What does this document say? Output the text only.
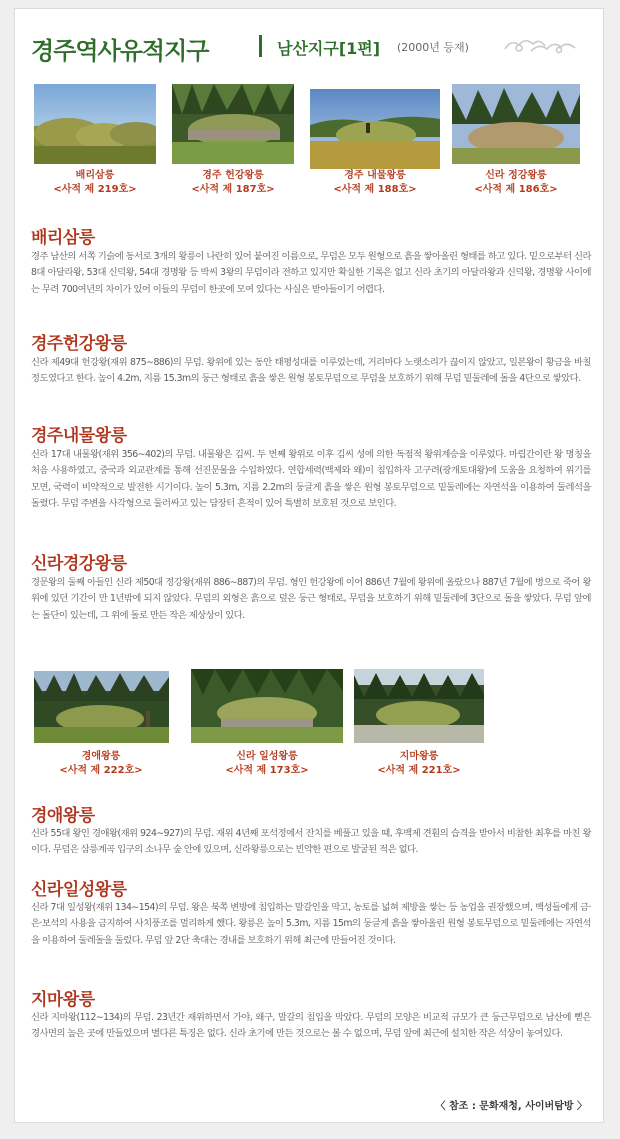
경주역사유적지구	남산지구[1편] (2000년 등재)
배리삼릉
<사적 제 219호>
경주 헌강왕릉
<사적 제 187호>
경주 내물왕릉
<사적 제 188호>
신라 정강왕릉
<사적 제 186호>
배리삼릉

경주 남산의 서쪽 기슭에 동서로 3개의 왕릉이 나란히 있어 붙여진 이름으로, 무덤은 모두 원형으로 흙을 쌓아올린 형태를 하고 있다. 밑으로부터 신라 8대 아달라왕, 53대 신덕왕, 54대 경명왕 등 박씨 3왕의 무덤이라 전하고 있지만 확실한 기록은 없고 신라 초기의 아달라왕과 신덕왕, 경명왕 사이에는 무려 700여년의 차이가 있어 이들의 무덤이 한곳에 모여 있다는 사실은 받아들이기 어렵다.

경주헌강왕릉

신라 제49대 헌강왕(재위 875∼886)의 무덤. 왕위에 있는 동안 태평성대를 이루었는데, 거리마다 노랫소리가 끊이지 않았고, 일본왕이 황금을 바칠 정도였다고 한다. 높이 4.2m, 지름 15.3m의 둥근 형태로 흙을 쌓은 원형 봉토무덤으로 무덤을 보호하기 위해 무덤 밑둘레에 돌을 4단으로 쌓았다.

경주내물왕릉

신라 17대 내물왕(재위 356∼402)의 무덤. 내물왕은 김씨. 두 번째 왕위로 이후 김씨 성에 의한 독점적 왕위계승을 이루었다. 마립간이란 왕 명칭을 처음 사용하였고, 중국과 외교관계를 통해 선진문물을 수입하였다. 연합세력(백제와 왜)이 침입하자 고구려(광개토대왕)에 도움을 요청하여 위기를 모면, 국력이 비약적으로 발전한 시기이다. 높이 5.3m, 지름 2.2m의 둥글게 흙을 쌓은 원형 봉토무덤으로 밑둘레에는 자연석을 이용하여 둘레석을 돌렸다. 무덤 주변을 사각형으로 둘러싸고 있는 담장터 흔적이 있어 특별히 보호된 것으로 보인다.

신라경강왕릉

경문왕의 둘째 아들인 신라 제50대 정강왕(재위 886∼887)의 무덤. 형인 헌강왕에 이어 886년 7월에 왕위에 올랐으나 887년 7월에 병으로 죽어 왕위에 있던 기간이 만 1년밖에 되지 않았다. 무덤의 외형은 흙으로 덮은 둥근 형태로, 무덤을 보호하기 위해 밑둘레에 3단으로 돌을 쌓았다. 무덤 앞에는 돌단이 있는데, 그 위에 돌로 만든 작은 제상상이 있다.

경애왕릉
<사적 제 222호>
신라 일성왕릉
<사적 제 173호>
지마왕릉
<사적 제 221호>
경애왕릉

신라 55대 왕인 경애왕(재위 924∼927)의 무덤. 재위 4년째 포석정에서 잔치를 베풀고 있을 때, 후백제 견훤의 습격을 받아서 비참한 최후를 마친 왕이다. 무덤은 삼릉계곡 입구의 소나무 숲 안에 있으며, 신라왕릉으로는 빈약한 편으로 발굴된 적은 없다.

신라일성왕릉

신라 7대 일성왕(재위 134∼154)의 무덤. 왕은 북쪽 변방에 침입하는 말갈인을 막고, 농토를 넓혀 제방을 쌓는 등 농업을 권장했으며, 백성들에게 금·은·보석의 사용을 금지하여 사치풍조를 멀리하게 했다. 왕릉은 높이 5.3m, 지름 15m의 둥글게 흙을 쌓아올린 원형 봉토무덤으로 밑둘레에는 자연석을 이용하여 둘레돌을 둘렀다. 무덤 앞 2단 축대는 경내를 보호하기 위해 최근에 만들어진 것이다.

지마왕릉

신라 지마왕(112∼134)의 무덤. 23년간 재위하면서 가야, 왜구, 말갈의 침입을 막았다. 무덤의 모양은 비교적 규모가 큰 둥근무덤으로 남산에 뻗은 경사면의 높은 곳에 만들었으며 별다른 특징은 없다. 신라 초기에 만든 것으로는 볼 수 없으며, 무덤 앞에 최근에 설치한 작은 석상이 놓여있다.

〈 참조 : 문화재청, 사이버탐방 〉
